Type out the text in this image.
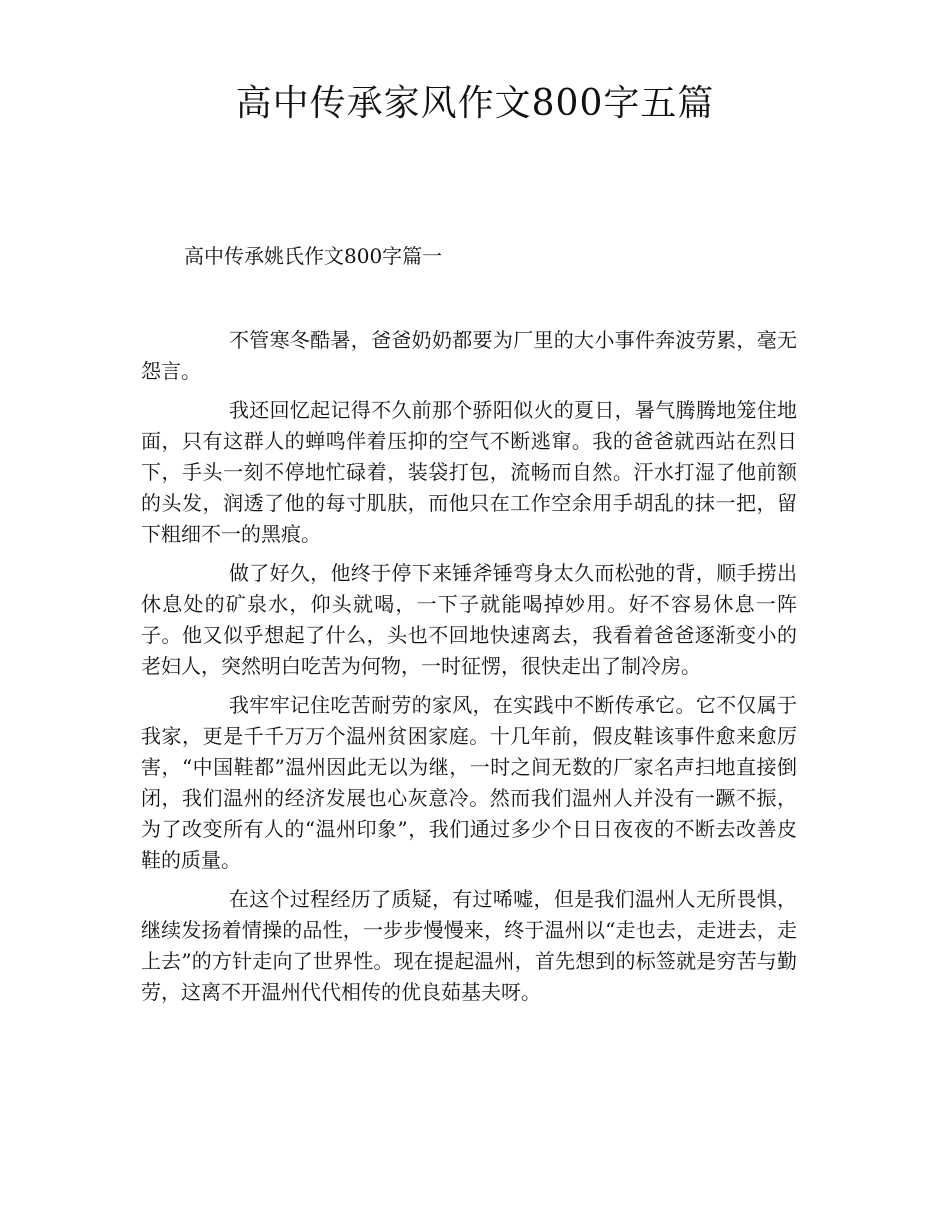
高中传承家风作文800字五篇
高中传承姚氏作文800字篇一

不管寒冬酷暑，爸爸奶奶都要为厂里的大小事件奔波劳累，毫无怨言。

我还回忆起记得不久前那个骄阳似火的夏日，暑气腾腾地笼住地面，只有这群人的蝉鸣伴着压抑的空气不断逃窜。我的爸爸就西站在烈日下，手头一刻不停地忙碌着，装袋打包，流畅而自然。汗水打湿了他前额的头发，润透了他的每寸肌肤，而他只在工作空余用手胡乱的抹一把，留下粗细不一的黑痕。

做了好久，他终于停下来锤斧锤弯身太久而松弛的背，顺手捞出休息处的矿泉水，仰头就喝，一下子就能喝掉妙用。好不容易休息一阵子。他又似乎想起了什么，头也不回地快速离去，我看着爸爸逐渐变小的老妇人，突然明白吃苦为何物，一时征愣，很快走出了制冷房。

我牢牢记住吃苦耐劳的家风，在实践中不断传承它。它不仅属于我家，更是千千万万个温州贫困家庭。十几年前，假皮鞋该事件愈来愈厉害，“中国鞋都”温州因此无以为继，一时之间无数的厂家名声扫地直接倒闭，我们温州的经济发展也心灰意冷。然而我们温州人并没有一蹶不振，为了改变所有人的“温州印象”，我们通过多少个日日夜夜的不断去改善皮鞋的质量。

在这个过程经历了质疑，有过唏嘘，但是我们温州人无所畏惧，继续发扬着情操的品性，一步步慢慢来，终于温州以“走也去，走进去，走上去”的方针走向了世界性。现在提起温州，首先想到的标签就是穷苦与勤劳，这离不开温州代代相传的优良茹基夫呀。
